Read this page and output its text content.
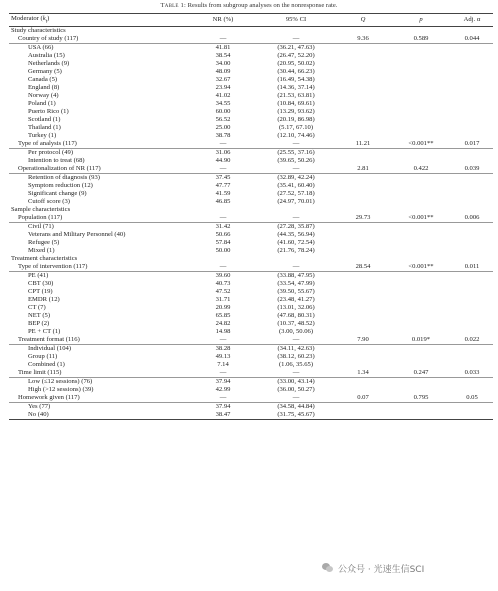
Table 1: Results from subgroup analyses on the nonresponse rate.
Moderator $(k_t)$	NR (%)	95% CI	Q	p	Adj. α
Study characteristics					
Country of study (117)	—	—	9.36	0.589	0.044
USA (66)	41.81	(36.21, 47.63)			
Australia (15)	38.54	(26.47, 52.20)			
Netherlands (9)	34.00	(20.95, 50.02)			
Germany (5)	48.09	(30.44, 66.23)			
Canada (5)	32.67	(16.49, 54.38)			
England (8)	23.94	(14.36, 37.14)			
Norway (4)	41.02	(21.53, 63.81)			
Poland (1)	34.55	(10.84, 69.61)			
Puerto Rico (1)	60.00	(13.29, 93.62)			
Scotland (1)	56.52	(20.19, 86.98)			
Thailand (1)	25.00	(5.17, 67.10)			
Turkey (1)	38.78	(12.10, 74.46)			
Type of analysis (117)	—	—	11.21	<0.001**	0.017
Per protocol (49)	31.06	(25.55, 37.16)			
Intention to treat (68)	44.90	(39.65, 50.26)			
Operationalization of NR (117)	—	—	2.81	0.422	0.039
Retention of diagnosis (93)	37.45	(32.89, 42.24)			
Symptom reduction (12)	47.77	(35.41, 60.40)			
Significant change (9)	41.59	(27.52, 57.18)			
Cutoff score (3)	46.85	(24.97, 70.01)			
Sample characteristics					
Population (117)	—	—	29.73	<0.001**	0.006
Civil (71)	31.42	(27.28, 35.87)			
Veterans and Military Personnel (40)	50.66	(44.35, 56.94)			
Refugee (5)	57.84	(41.60, 72.54)			
Mixed (1)	50.00	(21.76, 78.24)			
Treatment characteristics					
Type of intervention (117)	—	—	28.54	<0.001**	0.011
PE (41)	39.60	(33.88, 47.95)			
CBT (30)	40.73	(33.54, 47.99)			
CPT (19)	47.52	(39.50, 55.67)			
EMDR (12)	31.71	(23.48, 41.27)			
CT (7)	20.99	(13.01, 32.06)			
NET (5)	65.85	(47.68, 80.31)			
BEP (2)	24.82	(10.37, 48.52)			
PE + CT (1)	14.98	(3.00, 50.06)			
Treatment format (116)	—	—	7.90	0.019*	0.022
Individual (104)	38.28	(34.11, 42.63)			
Group (11)	49.13	(38.12, 60.23)			
Combined (1)	7.14	(1.06, 35.65)			
Time limit (115)	—	—	1.34	0.247	0.033
Low (≤12 sessions) (76)	37.94	(33.00, 43.14)			
High (>12 sessions) (39)	42.99	(36.00, 50.27)			
Homework given (117)	—	—	0.07	0.795	0.05
Yes (77)	37.94	(34.58, 44.84)			
No (40)	38.47	(31.75, 45.67)			
公众号 · 光速生信SCI
